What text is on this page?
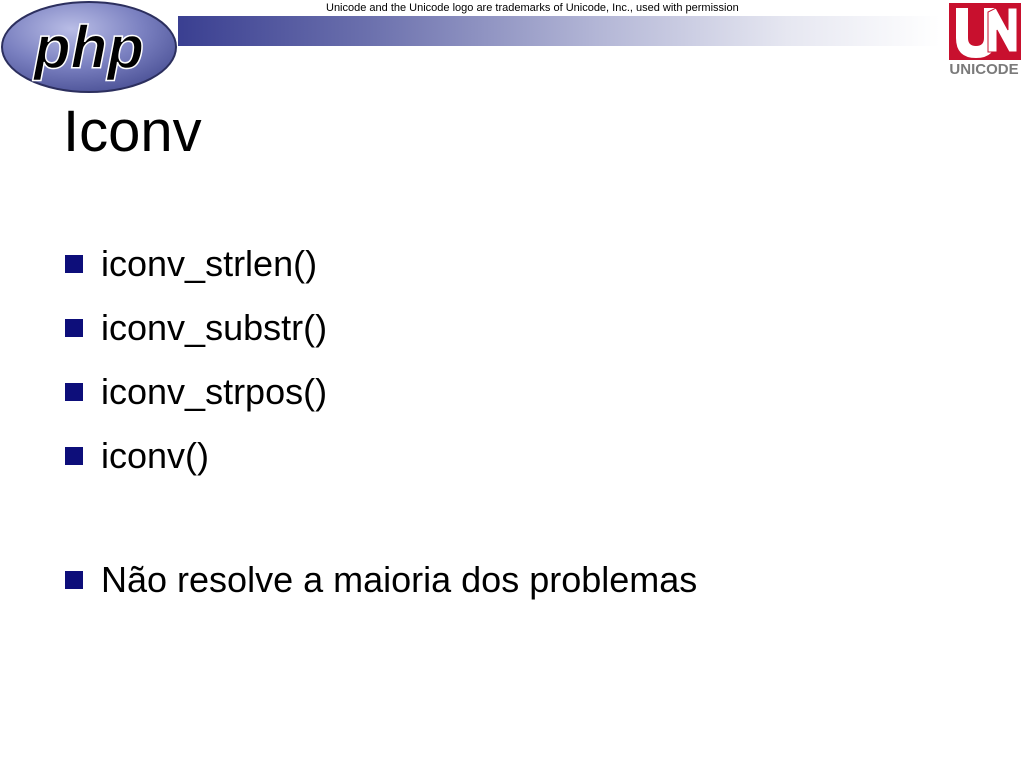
php
Unicode and the Unicode logo are trademarks of Unicode, Inc., used with permission
UNICODE
Iconv
iconv_strlen()
iconv_substr()
iconv_strpos()
iconv()
Não resolve a maioria dos problemas
